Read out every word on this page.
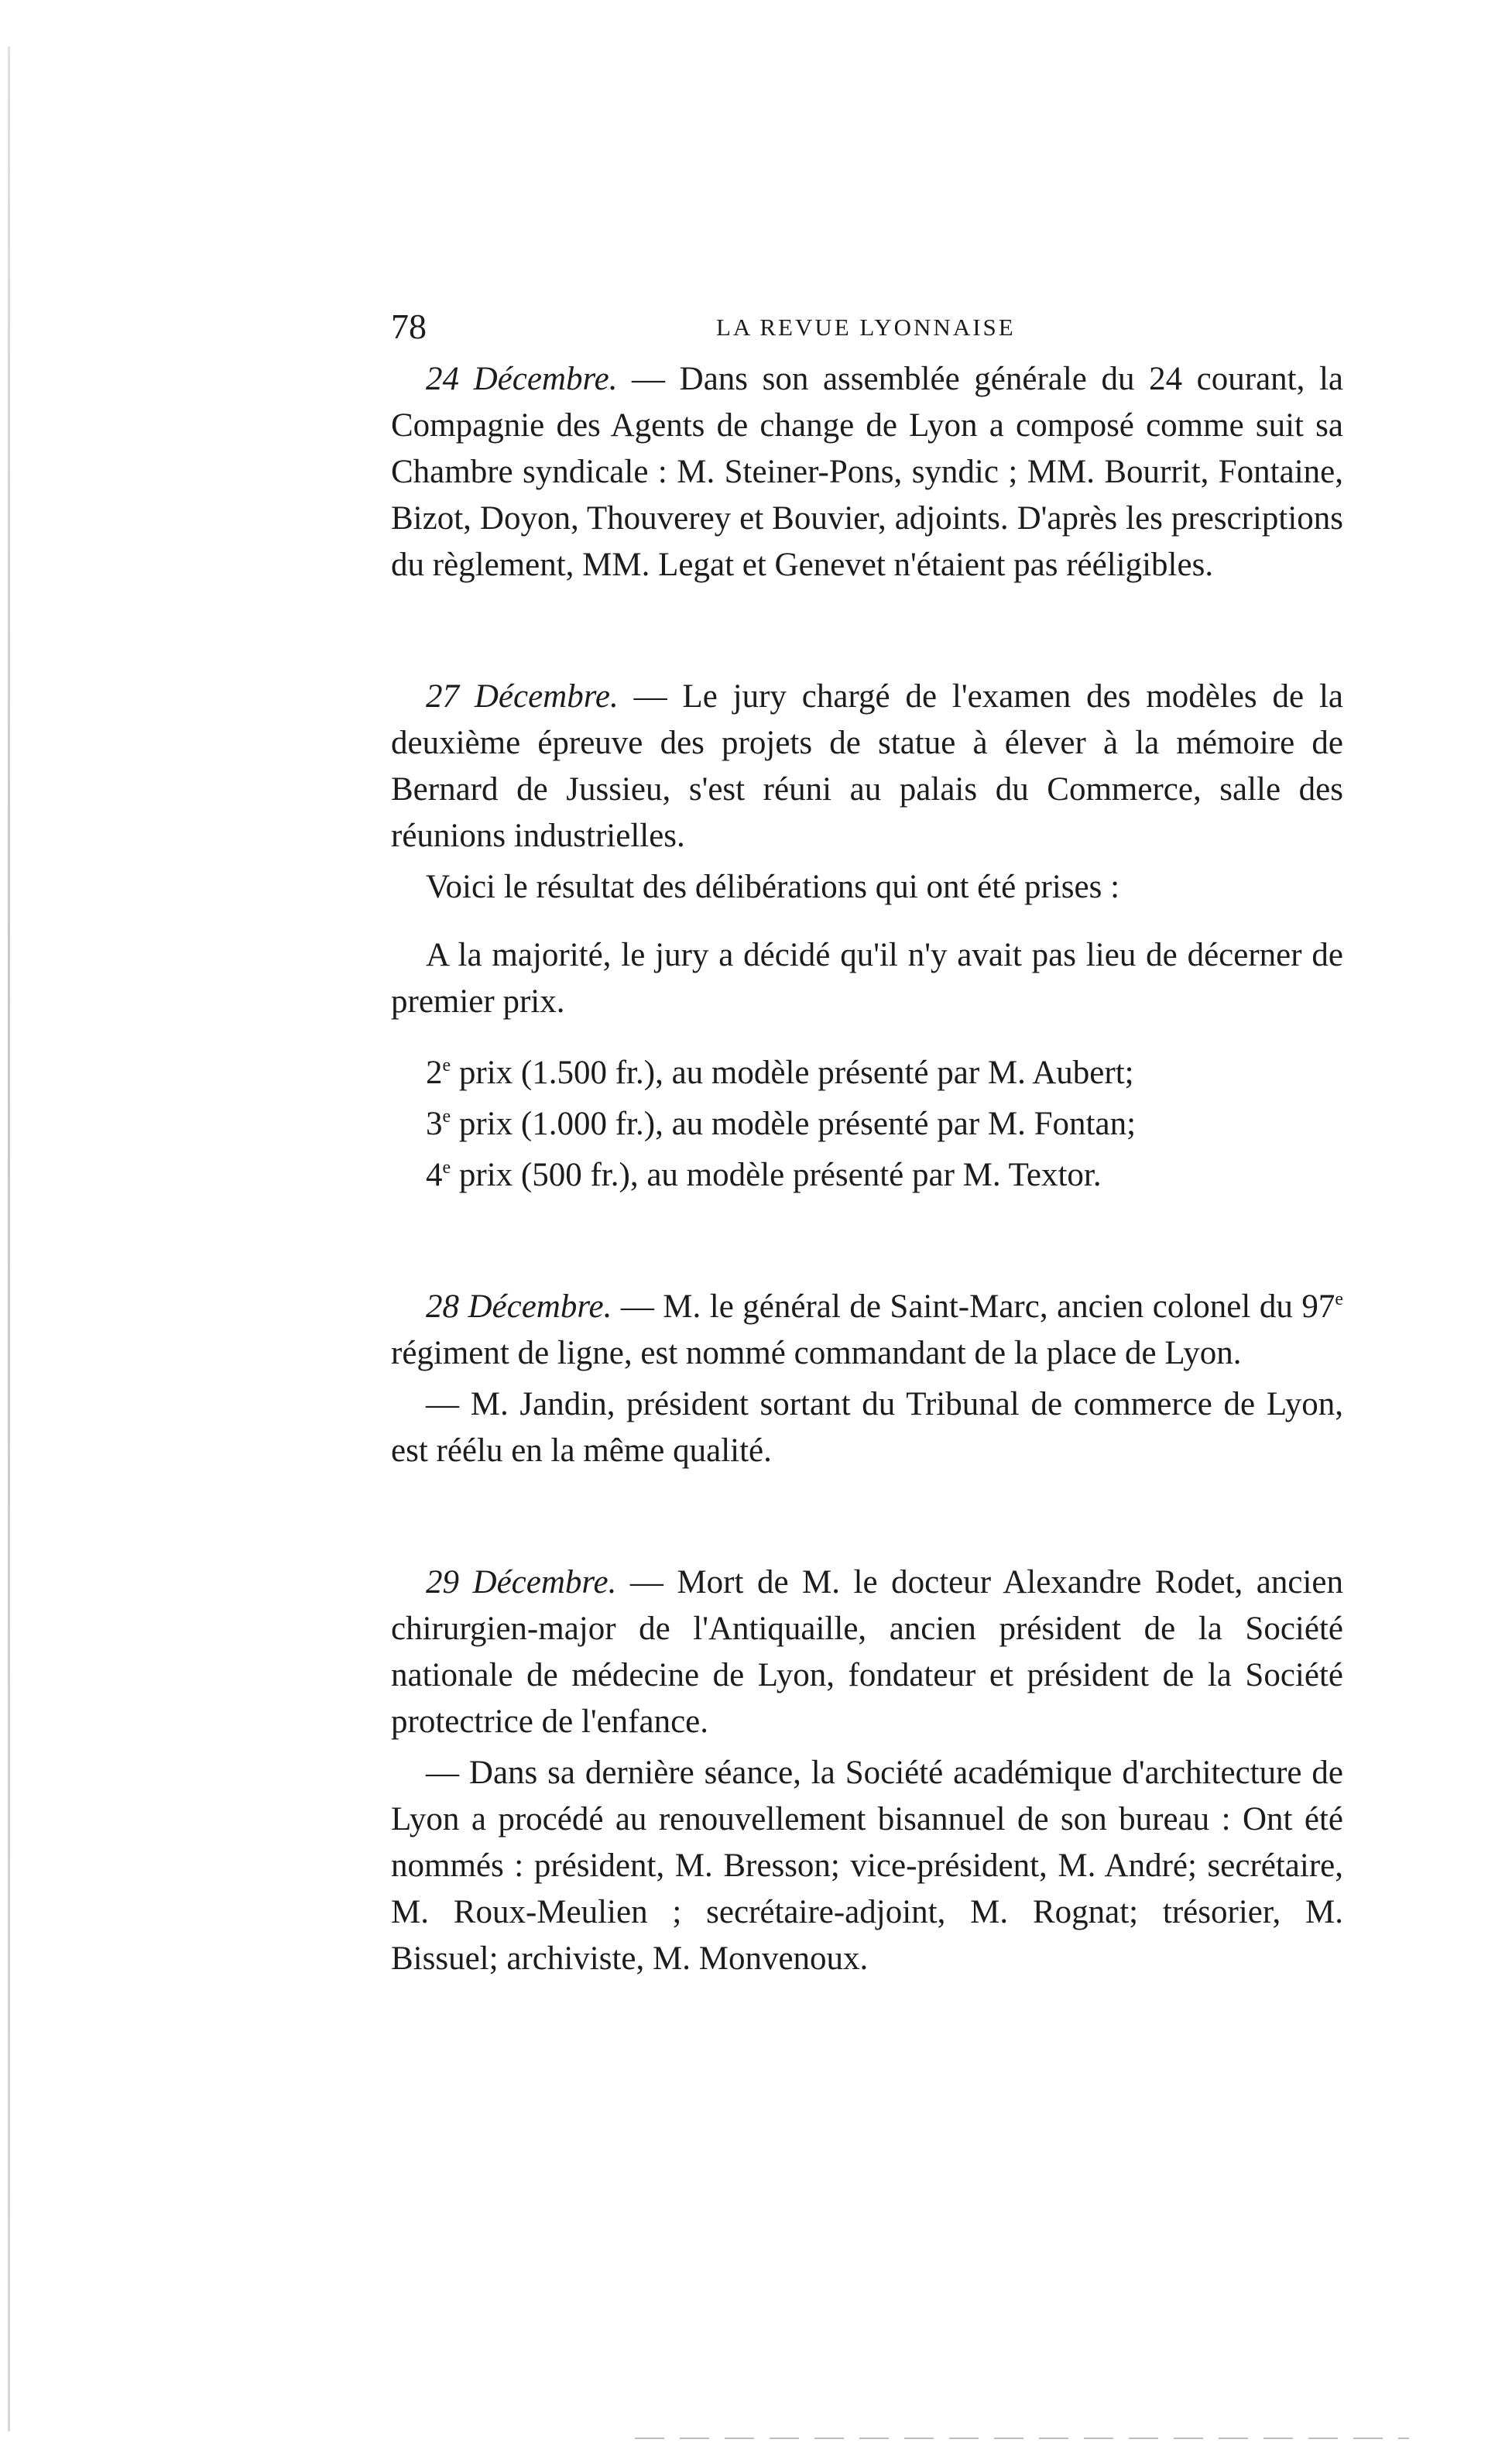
78	LA REVUE LYONNAISE

24 Décembre. — Dans son assemblée générale du 24 courant, la Compagnie des Agents de change de Lyon a composé comme suit sa Chambre syndicale : M. Steiner-Pons, syndic ; MM. Bourrit, Fontaine, Bizot, Doyon, Thouverey et Bouvier, adjoints. D'après les prescriptions du règlement, MM. Legat et Genevet n'étaient pas rééligibles.

27 Décembre. — Le jury chargé de l'examen des modèles de la deuxième épreuve des projets de statue à élever à la mémoire de Bernard de Jussieu, s'est réuni au palais du Commerce, salle des réunions industrielles.

Voici le résultat des délibérations qui ont été prises :

A la majorité, le jury a décidé qu'il n'y avait pas lieu de décerner de premier prix.

2e prix (1.500 fr.), au modèle présenté par M. Aubert;

3e prix (1.000 fr.), au modèle présenté par M. Fontan;

4e prix (500 fr.), au modèle présenté par M. Textor.

28 Décembre. — M. le général de Saint-Marc, ancien colonel du 97e régiment de ligne, est nommé commandant de la place de Lyon.

— M. Jandin, président sortant du Tribunal de commerce de Lyon, est réélu en la même qualité.

29 Décembre. — Mort de M. le docteur Alexandre Rodet, ancien chirurgien-major de l'Antiquaille, ancien président de la Société nationale de médecine de Lyon, fondateur et président de la Société protectrice de l'enfance.

— Dans sa dernière séance, la Société académique d'architecture de Lyon a procédé au renouvellement bisannuel de son bureau : Ont été nommés : président, M. Bresson; vice-président, M. André; secrétaire, M. Roux-Meulien ; secrétaire-adjoint, M. Rognat; trésorier, M. Bissuel; archiviste, M. Monvenoux.
